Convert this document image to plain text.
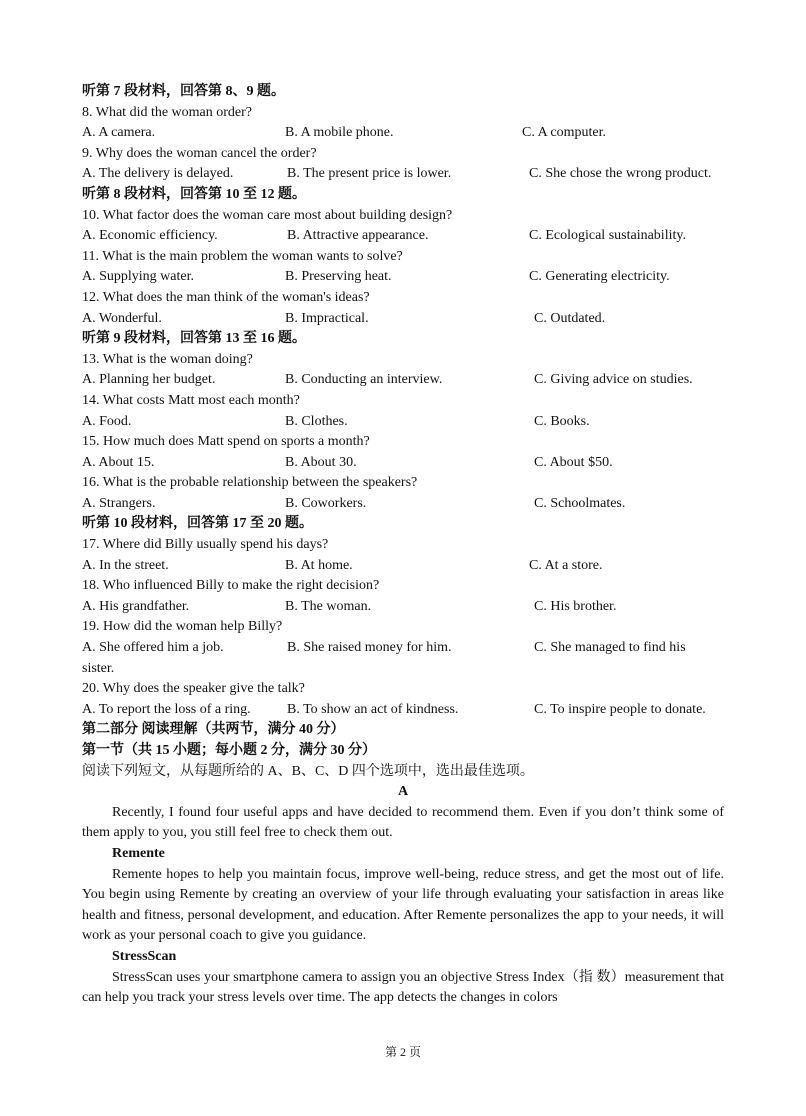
听第 7 段材料，回答第 8、9 题。
8. What did the woman order?
A. A camera.	B. A mobile phone.	C. A computer.
9. Why does the woman cancel the order?
A. The delivery is delayed.	B. The present price is lower.	C. She chose the wrong product.
听第 8 段材料，回答第 10 至 12 题。
10. What factor does the woman care most about building design?
A. Economic efficiency.	B. Attractive appearance.	C. Ecological sustainability.
11. What is the main problem the woman wants to solve?
A. Supplying water.	B. Preserving heat.	C. Generating electricity.
12. What does the man think of the woman's ideas?
A. Wonderful.	B. Impractical.	C. Outdated.
听第 9 段材料，回答第 13 至 16 题。
13. What is the woman doing?
A. Planning her budget.	B. Conducting an interview.	C. Giving advice on studies.
14. What costs Matt most each month?
A. Food.	B. Clothes.	C. Books.
15. How much does Matt spend on sports a month?
A. About 15.	B. About 30.	C. About $50.
16. What is the probable relationship between the speakers?
A. Strangers.	B. Coworkers.	C. Schoolmates.
听第 10 段材料，回答第 17 至 20 题。
17. Where did Billy usually spend his days?
A. In the street.	B. At home.	C. At a store.
18. Who influenced Billy to make the right decision?
A. His grandfather.	B. The woman.	C. His brother.
19. How did the woman help Billy?
A. She offered him a job.	B. She raised money for him.	C. She managed to find his
sister.
20. Why does the speaker give the talk?
A. To report the loss of a ring.	B. To show an act of kindness.	C. To inspire people to donate.
第二部分 阅读理解（共两节，满分 40 分）
第一节（共 15 小题；每小题 2 分，满分 30 分）
阅读下列短文，从每题所给的 A、B、C、D 四个选项中，选出最佳选项。
A
Recently, I found four useful apps and have decided to recommend them. Even if you don’t think some of them apply to you, you still feel free to check them out.
Remente
Remente hopes to help you maintain focus, improve well-being, reduce stress, and get the most out of life. You begin using Remente by creating an overview of your life through evaluating your satisfaction in areas like health and fitness, personal development, and education. After Remente personalizes the app to your needs, it will work as your personal coach to give you guidance.
StressScan
StressScan uses your smartphone camera to assign you an objective Stress Index（指 数）measurement that can help you track your stress levels over time. The app detects the changes in colors
第 2 页
